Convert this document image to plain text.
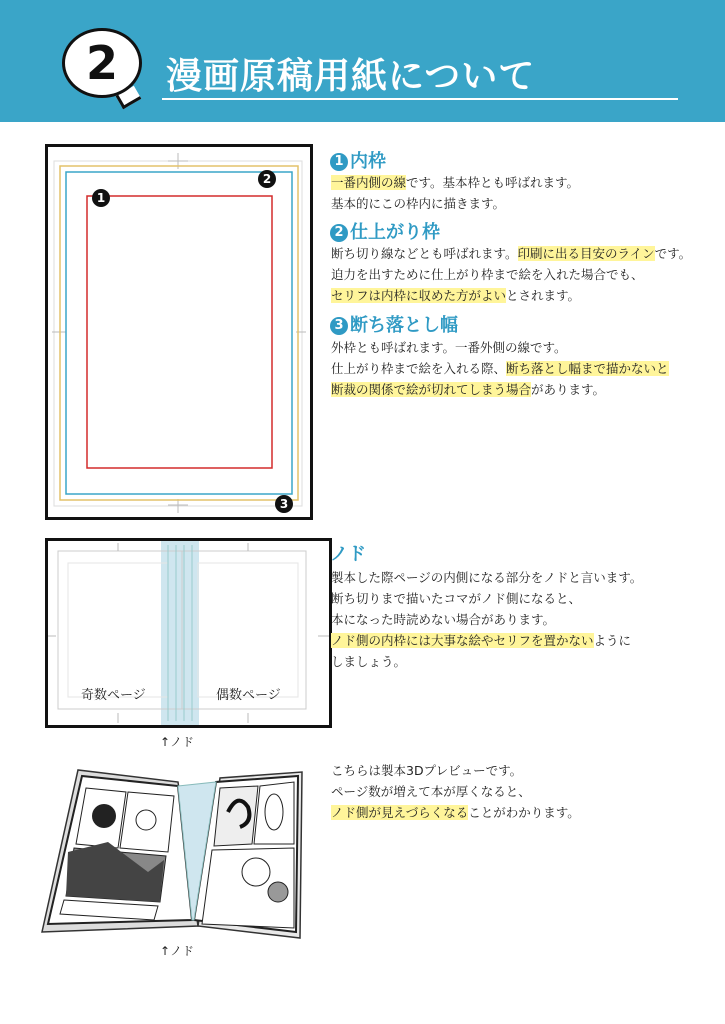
2	漫画原稿用紙について
1
2
3
1 内枠

一番内側の線です。基本枠とも呼ばれます。

基本的にこの枠内に描きます。

2 仕上がり枠

断ち切り線などとも呼ばれます。印刷に出る目安のラインです。

迫力を出すために仕上がり枠まで絵を入れた場合でも、

セリフは内枠に収めた方がよいとされます。

3 断ち落とし幅

外枠とも呼ばれます。一番外側の線です。

仕上がり枠まで絵を入れる際、断ち落とし幅まで描かないと

断裁の関係で絵が切れてしまう場合があります。

奇数ページ	偶数ページ
↑ノド
ノド

製本した際ページの内側になる部分をノドと言います。

断ち切りまで描いたコマがノド側になると、

本になった時読めない場合があります。

ノド側の内枠には大事な絵やセリフを置かないように

しましょう。

↑ノド

こちらは製本3Dプレビューです。

ページ数が増えて本が厚くなると、

ノド側が見えづらくなることがわかります。
